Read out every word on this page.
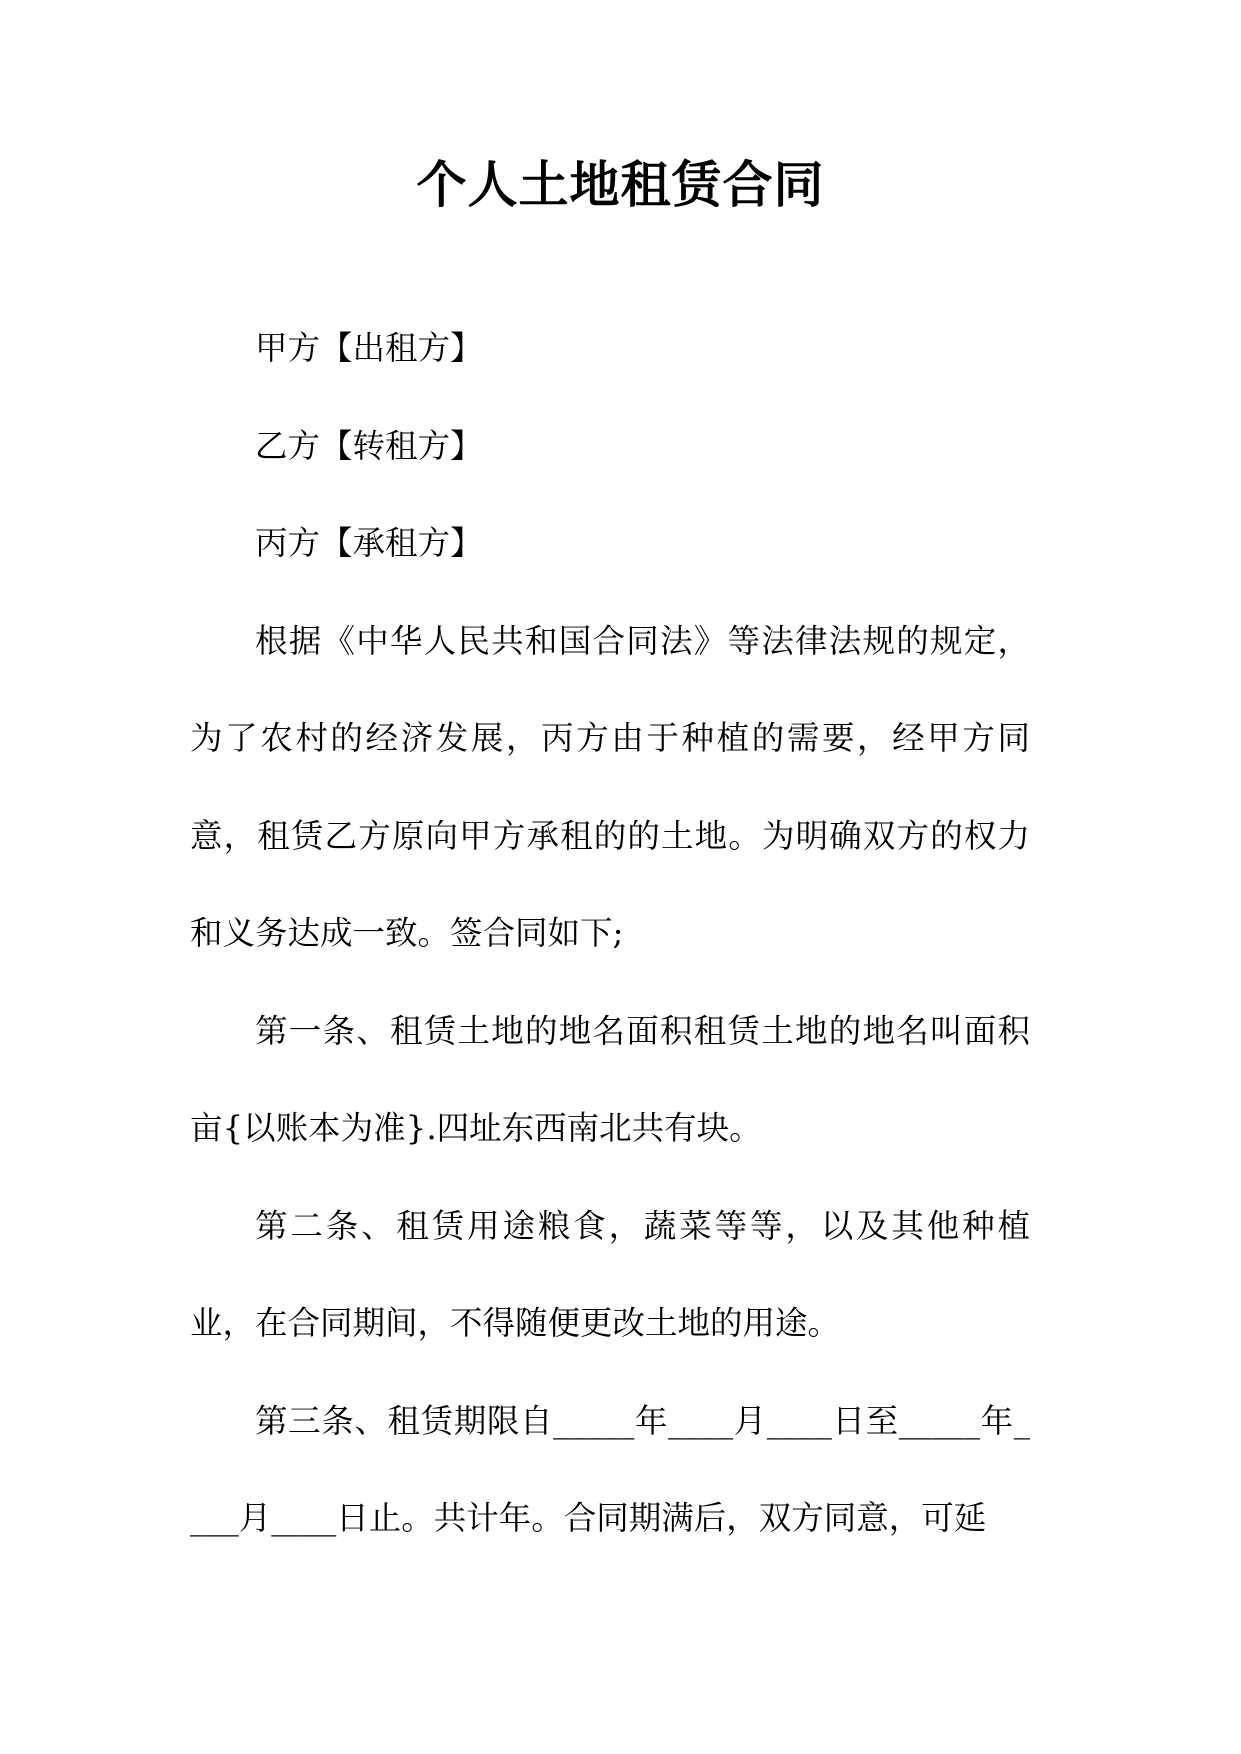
个人土地租赁合同

甲方【出租方】

乙方【转租方】

丙方【承租方】

根据《中华人民共和国合同法》等法律法规的规定，为了农村的经济发展，丙方由于种植的需要，经甲方同意，租赁乙方原向甲方承租的的土地。为明确双方的权力和义务达成一致。签合同如下;

第一条、租赁土地的地名面积租赁土地的地名叫面积亩{以账本为准}.四址东西南北共有块。

第二条、租赁用途粮食，蔬菜等等，以及其他种植业，在合同期间，不得随便更改土地的用途。

第三条、租赁期限自_____年____月____日至_____年____月____日止。共计年。合同期满后，双方同意，可延
